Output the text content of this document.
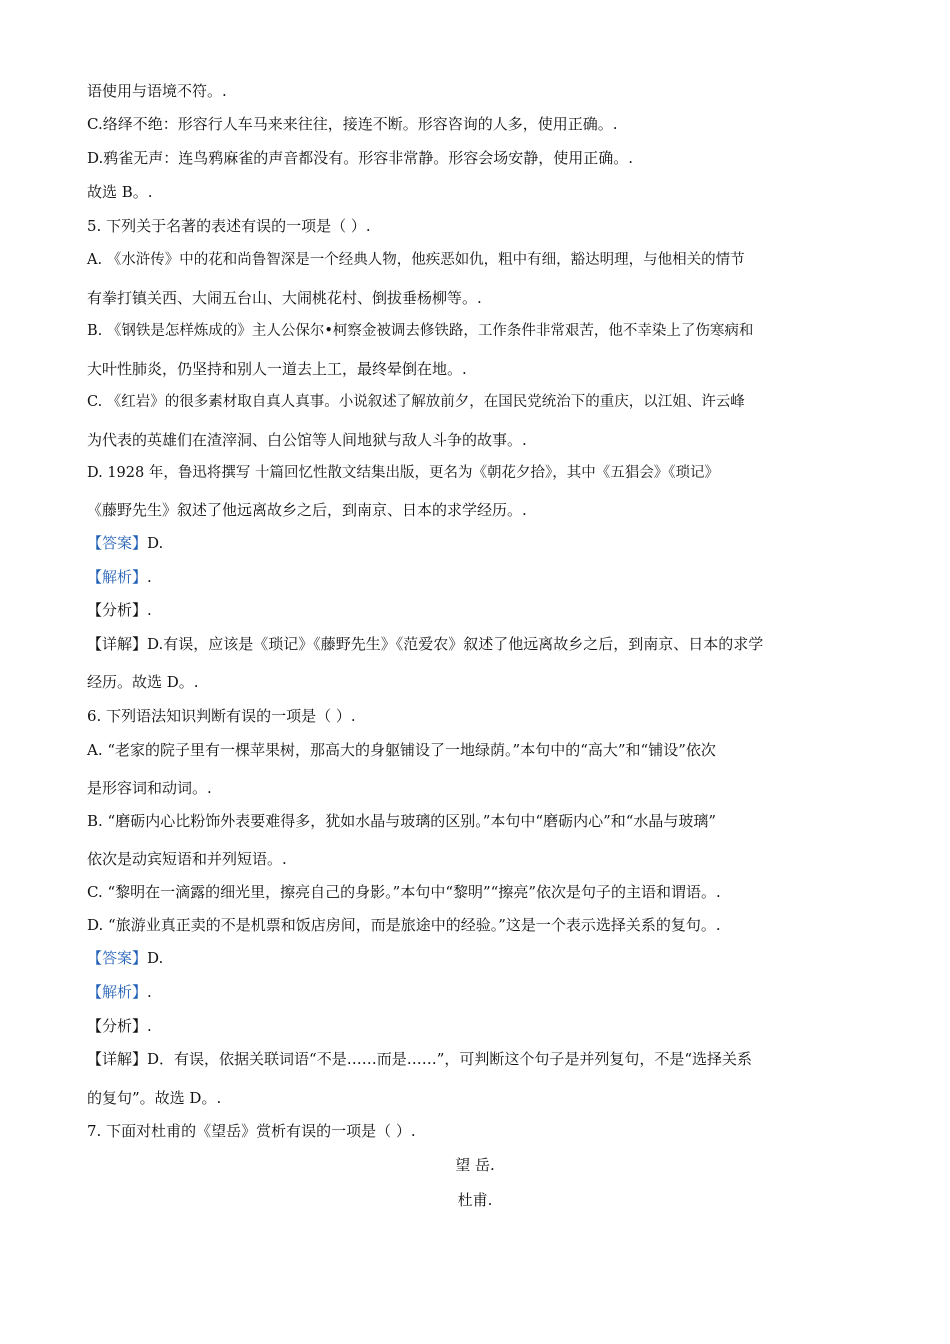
语使用与语境不符。.
C.络绎不绝：形容行人车马来来往往，接连不断。形容咨询的人多，使用正确。.
D.鸦雀无声：连鸟鸦麻雀的声音都没有。形容非常静。形容会场安静，使用正确。.
故选 B。.
5. 下列关于名著的表述有误的一项是（ ）.
A. 《水浒传》中的花和尚鲁智深是一个经典人物，他疾恶如仇，粗中有细，豁达明理，与他相关的情节
有拳打镇关西、大闹五台山、大闹桃花村、倒拔垂杨柳等。.
B. 《钢铁是怎样炼成的》主人公保尔•柯察金被调去修铁路，工作条件非常艰苦，他不幸染上了伤寒病和
大叶性肺炎，仍坚持和别人一道去上工，最终晕倒在地。.
C. 《红岩》的很多素材取自真人真事。小说叙述了解放前夕，在国民党统治下的重庆，以江姐、许云峰
为代表的英雄们在渣滓洞、白公馆等人间地狱与敌人斗争的故事。.
D. 1928 年，鲁迅将撰写 十篇回忆性散文结集出版，更名为《朝花夕拾》，其中《五猖会》《琐记》
《藤野先生》叙述了他远离故乡之后，到南京、日本的求学经历。.
【答案】D.
【解析】.
【分析】.
【详解】D.有误，应该是《琐记》《藤野先生》《范爱农》叙述了他远离故乡之后，到南京、日本的求学
经历。故选 D。.
6. 下列语法知识判断有误的一项是（ ）.
A. “老家的院子里有一棵苹果树，那高大的身躯铺设了一地绿荫。”本句中的“高大”和“铺设”依次
是形容词和动词。.
B. “磨砺内心比粉饰外表要难得多，犹如水晶与玻璃的区别。”本句中“磨砺内心”和“水晶与玻璃”
依次是动宾短语和并列短语。.
C. “黎明在一滴露的细光里，擦亮自己的身影。”本句中“黎明”“擦亮”依次是句子的主语和谓语。.
D. “旅游业真正卖的不是机票和饭店房间，而是旅途中的经验。”这是一个表示选择关系的复句。.
【答案】D.
【解析】.
【分析】.
【详解】D．有误，依据关联词语“不是……而是……”，可判断这个句子是并列复句，不是“选择关系
的复句”。故选 D。.
7. 下面对杜甫的《望岳》赏析有误的一项是（ ）.
望 岳.
杜甫.
